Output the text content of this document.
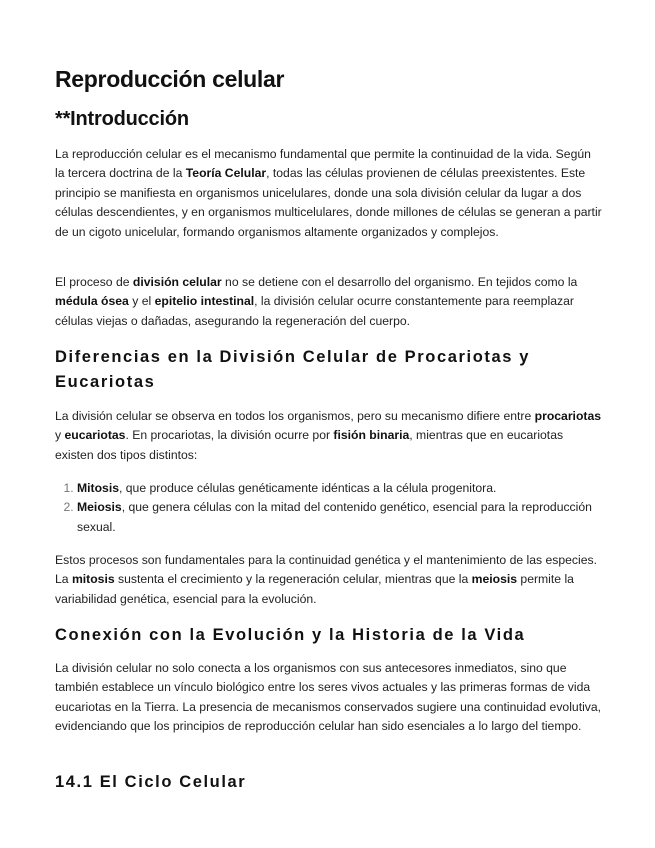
Reproducción celular
**Introducción

La reproducción celular es el mecanismo fundamental que permite la continuidad de la vida. Según la tercera doctrina de la Teoría Celular, todas las células provienen de células preexistentes. Este principio se manifiesta en organismos unicelulares, donde una sola división celular da lugar a dos células descendientes, y en organismos multicelulares, donde millones de células se generan a partir de un cigoto unicelular, formando organismos altamente organizados y complejos.

El proceso de división celular no se detiene con el desarrollo del organismo. En tejidos como la médula ósea y el epitelio intestinal, la división celular ocurre constantemente para reemplazar células viejas o dañadas, asegurando la regeneración del cuerpo.

Diferencias en la División Celular de Procariotas y Eucariotas

La división celular se observa en todos los organismos, pero su mecanismo difiere entre procariotas y eucariotas. En procariotas, la división ocurre por fisión binaria, mientras que en eucariotas existen dos tipos distintos:

1. Mitosis, que produce células genéticamente idénticas a la célula progenitora.
2. Meiosis, que genera células con la mitad del contenido genético, esencial para la reproducción sexual.

Estos procesos son fundamentales para la continuidad genética y el mantenimiento de las especies. La mitosis sustenta el crecimiento y la regeneración celular, mientras que la meiosis permite la variabilidad genética, esencial para la evolución.

Conexión con la Evolución y la Historia de la Vida

La división celular no solo conecta a los organismos con sus antecesores inmediatos, sino que también establece un vínculo biológico entre los seres vivos actuales y las primeras formas de vida eucariotas en la Tierra. La presencia de mecanismos conservados sugiere una continuidad evolutiva, evidenciando que los principios de reproducción celular han sido esenciales a lo largo del tiempo.

14.1 El Ciclo Celular
